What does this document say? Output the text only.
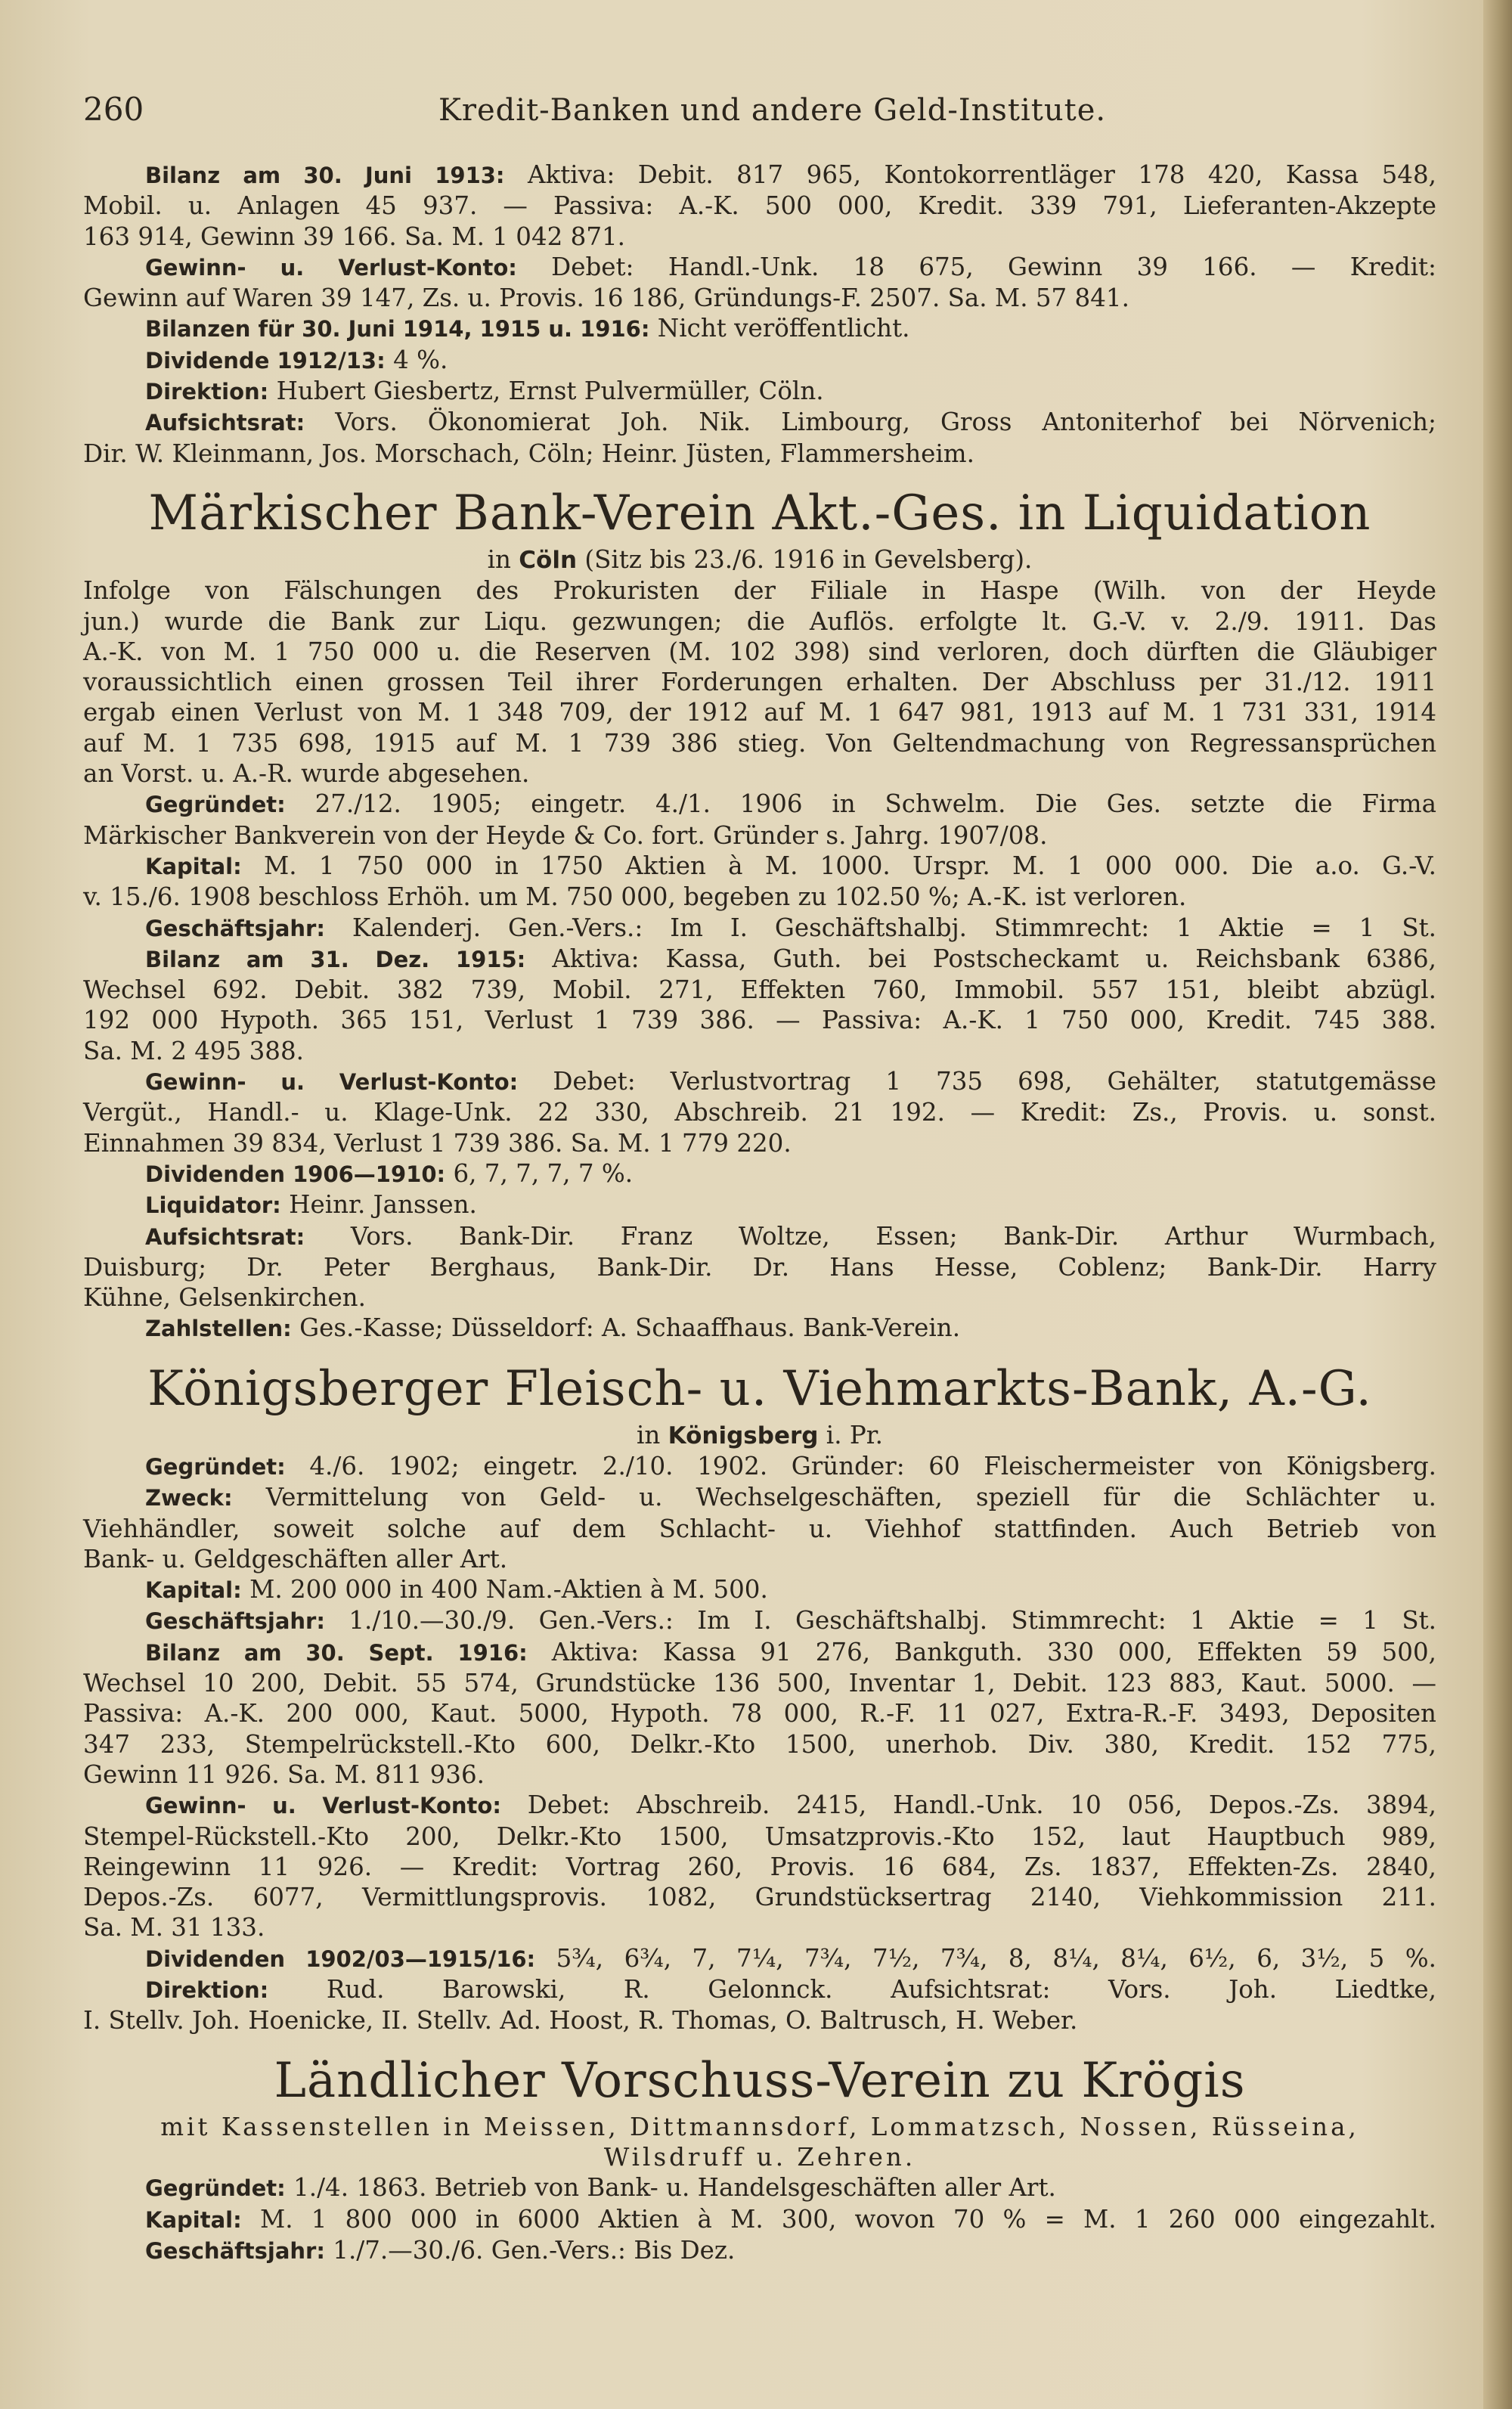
260	Kredit-Banken und andere Geld-Institute.

Bilanz am 30. Juni 1913: Aktiva: Debit. 817 965, Kontokorrentläger 178 420, Kassa 548,

Mobil. u. Anlagen 45 937. — Passiva: A.-K. 500 000, Kredit. 339 791, Lieferanten-Akzepte

163 914, Gewinn 39 166. Sa. M. 1 042 871.

Gewinn- u. Verlust-Konto: Debet: Handl.-Unk. 18 675, Gewinn 39 166. — Kredit:

Gewinn auf Waren 39 147, Zs. u. Provis. 16 186, Gründungs-F. 2507. Sa. M. 57 841.

Bilanzen für 30. Juni 1914, 1915 u. 1916: Nicht veröffentlicht.

Dividende 1912/13: 4 %.

Direktion: Hubert Giesbertz, Ernst Pulvermüller, Cöln.

Aufsichtsrat: Vors. Ökonomierat Joh. Nik. Limbourg, Gross Antoniterhof bei Nörvenich;

Dir. W. Kleinmann, Jos. Morschach, Cöln; Heinr. Jüsten, Flammersheim.

Märkischer Bank-Verein Akt.-Ges. in Liquidation

in Cöln (Sitz bis 23./6. 1916 in Gevelsberg).

Infolge von Fälschungen des Prokuristen der Filiale in Haspe (Wilh. von der Heyde

jun.) wurde die Bank zur Liqu. gezwungen; die Auflös. erfolgte lt. G.-V. v. 2./9. 1911. Das

A.-K. von M. 1 750 000 u. die Reserven (M. 102 398) sind verloren, doch dürften die Gläubiger

voraussichtlich einen grossen Teil ihrer Forderungen erhalten. Der Abschluss per 31./12. 1911

ergab einen Verlust von M. 1 348 709, der 1912 auf M. 1 647 981, 1913 auf M. 1 731 331, 1914

auf M. 1 735 698, 1915 auf M. 1 739 386 stieg. Von Geltendmachung von Regressansprüchen

an Vorst. u. A.-R. wurde abgesehen.

Gegründet: 27./12. 1905; eingetr. 4./1. 1906 in Schwelm. Die Ges. setzte die Firma

Märkischer Bankverein von der Heyde & Co. fort. Gründer s. Jahrg. 1907/08.

Kapital: M. 1 750 000 in 1750 Aktien à M. 1000. Urspr. M. 1 000 000. Die a.o. G.-V.

v. 15./6. 1908 beschloss Erhöh. um M. 750 000, begeben zu 102.50 %; A.-K. ist verloren.

Geschäftsjahr: Kalenderj. Gen.-Vers.: Im I. Geschäftshalbj. Stimmrecht: 1 Aktie = 1 St.

Bilanz am 31. Dez. 1915: Aktiva: Kassa, Guth. bei Postscheckamt u. Reichsbank 6386,

Wechsel 692. Debit. 382 739, Mobil. 271, Effekten 760, Immobil. 557 151, bleibt abzügl.

192 000 Hypoth. 365 151, Verlust 1 739 386. — Passiva: A.-K. 1 750 000, Kredit. 745 388.

Sa. M. 2 495 388.

Gewinn- u. Verlust-Konto: Debet: Verlustvortrag 1 735 698, Gehälter, statutgemässe

Vergüt., Handl.- u. Klage-Unk. 22 330, Abschreib. 21 192. — Kredit: Zs., Provis. u. sonst.

Einnahmen 39 834, Verlust 1 739 386. Sa. M. 1 779 220.

Dividenden 1906—1910: 6, 7, 7, 7, 7 %.

Liquidator: Heinr. Janssen.

Aufsichtsrat: Vors. Bank-Dir. Franz Woltze, Essen; Bank-Dir. Arthur Wurmbach,

Duisburg; Dr. Peter Berghaus, Bank-Dir. Dr. Hans Hesse, Coblenz; Bank-Dir. Harry

Kühne, Gelsenkirchen.

Zahlstellen: Ges.-Kasse; Düsseldorf: A. Schaaffhaus. Bank-Verein.

Königsberger Fleisch- u. Viehmarkts-Bank, A.-G.

in Königsberg i. Pr.

Gegründet: 4./6. 1902; eingetr. 2./10. 1902. Gründer: 60 Fleischermeister von Königsberg.

Zweck: Vermittelung von Geld- u. Wechselgeschäften, speziell für die Schlächter u.

Viehhändler, soweit solche auf dem Schlacht- u. Viehhof stattfinden. Auch Betrieb von

Bank- u. Geldgeschäften aller Art.

Kapital: M. 200 000 in 400 Nam.-Aktien à M. 500.

Geschäftsjahr: 1./10.—30./9. Gen.-Vers.: Im I. Geschäftshalbj. Stimmrecht: 1 Aktie = 1 St.

Bilanz am 30. Sept. 1916: Aktiva: Kassa 91 276, Bankguth. 330 000, Effekten 59 500,

Wechsel 10 200, Debit. 55 574, Grundstücke 136 500, Inventar 1, Debit. 123 883, Kaut. 5000. —

Passiva: A.-K. 200 000, Kaut. 5000, Hypoth. 78 000, R.-F. 11 027, Extra-R.-F. 3493, Depositen

347 233, Stempelrückstell.-Kto 600, Delkr.-Kto 1500, unerhob. Div. 380, Kredit. 152 775,

Gewinn 11 926. Sa. M. 811 936.

Gewinn- u. Verlust-Konto: Debet: Abschreib. 2415, Handl.-Unk. 10 056, Depos.-Zs. 3894,

Stempel-Rückstell.-Kto 200, Delkr.-Kto 1500, Umsatzprovis.-Kto 152, laut Hauptbuch 989,

Reingewinn 11 926. — Kredit: Vortrag 260, Provis. 16 684, Zs. 1837, Effekten-Zs. 2840,

Depos.-Zs. 6077, Vermittlungsprovis. 1082, Grundstücksertrag 2140, Viehkommission 211.

Sa. M. 31 133.

Dividenden 1902/03—1915/16: 5¾, 6¾, 7, 7¼, 7¾, 7½, 7¾, 8, 8¼, 8¼, 6½, 6, 3½, 5 %.

Direktion: Rud. Barowski, R. Gelonnck. Aufsichtsrat: Vors. Joh. Liedtke,

I. Stellv. Joh. Hoenicke, II. Stellv. Ad. Hoost, R. Thomas, O. Baltrusch, H. Weber.

Ländlicher Vorschuss-Verein zu Krögis

mit Kassenstellen in Meissen, Dittmannsdorf, Lommatzsch, Nossen, Rüsseina,

Wilsdruff u. Zehren.

Gegründet: 1./4. 1863. Betrieb von Bank- u. Handelsgeschäften aller Art.

Kapital: M. 1 800 000 in 6000 Aktien à M. 300, wovon 70 % = M. 1 260 000 eingezahlt.

Geschäftsjahr: 1./7.—30./6. Gen.-Vers.: Bis Dez.
